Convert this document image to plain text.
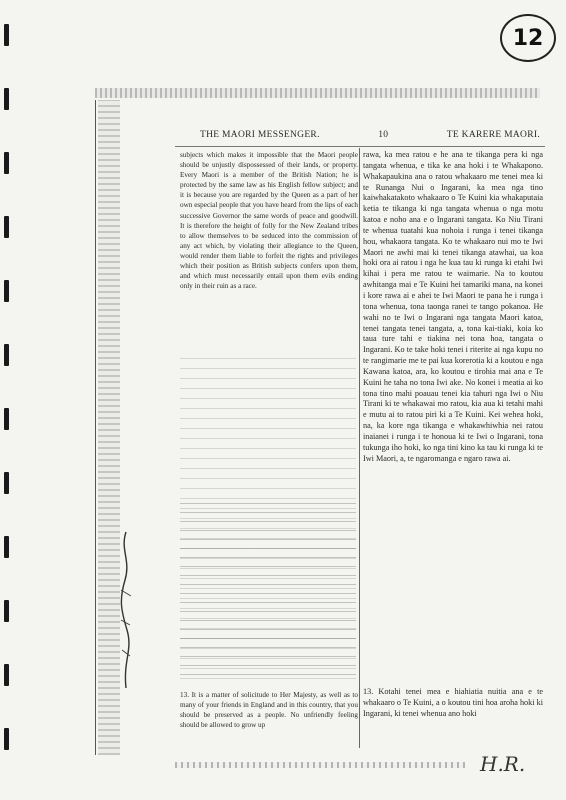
12
THE MAORI MESSENGER.	10	TE KARERE MAORI.

subjects which makes it impossible that the Maori people should be unjustly dispossessed of their lands, or property. Every Maori is a member of the British Nation; he is protected by the same law as his English fellow subject; and it is because you are regarded by the Queen as a part of her own especial people that you have heard from the lips of each successive Governor the same words of peace and goodwill. It is therefore the height of folly for the New Zealand tribes to allow themselves to be seduced into the commission of any act which, by violating their allegiance to the Queen, would render them liable to forfeit the rights and privileges which their position as British subjects confers upon them, and which must necessarily entail upon them evils ending only in their ruin as a race.

13. It is a matter of solicitude to Her Majesty, as well as to many of your friends in England and in this country, that you should be preserved as a people. No unfriendly feeling should be allowed to grow up

rawa, ka mea ratou e he ana te tikanga pera ki nga tangata whenua, e tika ke ana hoki i te Whakapono. Whakapaukina ana o ratou whakaaro me tenei mea ki te Runanga Nui o Ingarani, ka mea nga tino kaiwhakatakoto whakaaro o Te Kuini kia whakaputaia ketia te tikanga ki nga tangata whenua o nga motu katoa e noho ana e o Ingarani tangata. Ko Niu Tirani te whenua tuatahi kua nohoia i runga i tenei tikanga hou, whakaora tangata. Ko te whakaaro nui mo te Iwi Maori ne awhi mai ki tenei tikanga atawhai, ua koa hoki ora ai ratou i nga he kua tau ki runga ki etahi Iwi kihai i pera me ratou te waimarie. Na to koutou awhitanga mai e Te Kuini hei tamariki mana, na konei i kore rawa ai e ahei te Iwi Maori te pana he i runga i tona whenua, tona taonga ranei te tango pokanoa. He wahi no te Iwi o Ingarani nga tangata Maori katoa, tenei tangata tenei tangata, a, tona kai-tiaki, koia ko taua ture tahi e tiakina nei tona hoa, tangata o Ingarani. Ko te take hoki tenei i riterite ai nga kupu no te rangimarie me te pai kua korerotia ki a koutou e nga Kawana katoa, ara, ko koutou e tirohia mai ana e Te Kuini he taha no tona Iwi ake. No konei i meatia ai ko tona tino mahi poauau tenei kia tahuri nga Iwi o Niu Tirani ki te whakawai mo ratou, kia aua ki tetahi mahi e mutu ai to ratou piri ki a Te Kuini. Kei wehea hoki, na, ka kore nga tikanga e whakawhiwhia nei ratou inaianei i runga i te honoua ki te Iwi o Ingarani, tona tukunga iho hoki, ko nga tini kino ka tau ki runga ki te Iwi Maori, a, te ngaromanga e ngaro rawa ai.

13. Kotahi tenei mea e hiahiatia nuitia ana e te whakaaro o Te Kuini, a o koutou tini hoa aroha hoki ki Ingarani, ki tenei whenua ano hoki

H.R.
